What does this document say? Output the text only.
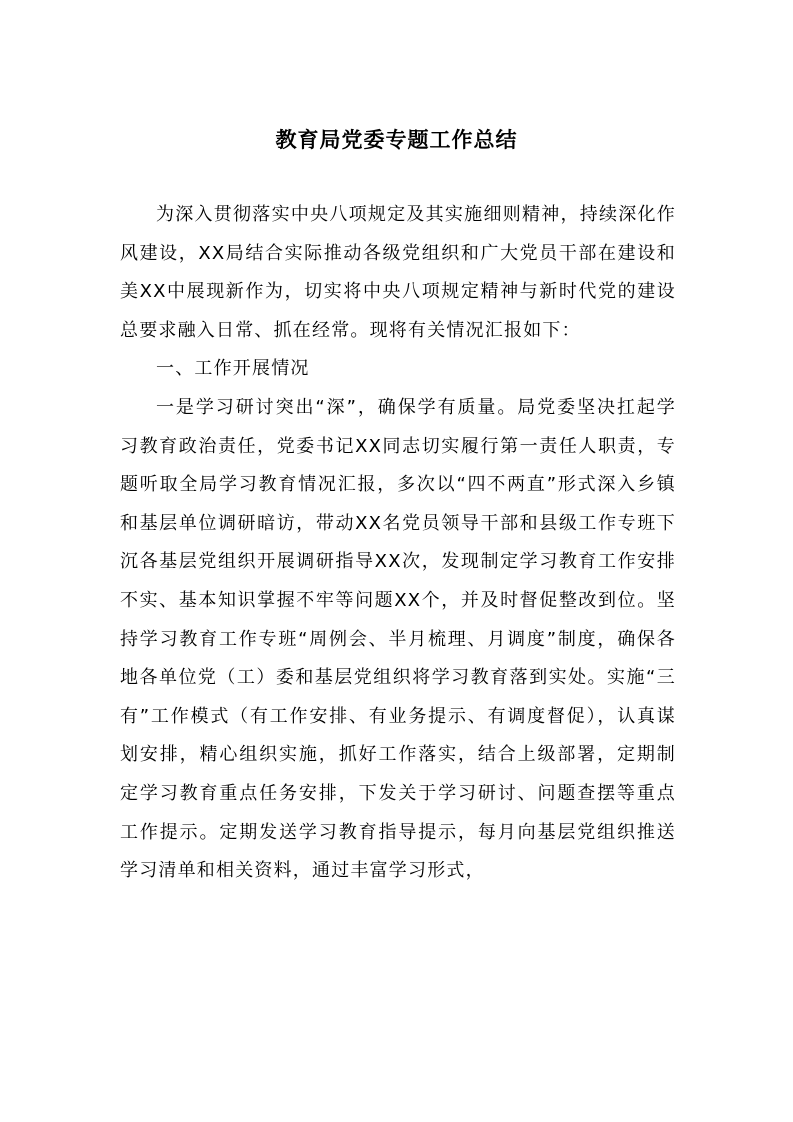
教育局党委专题工作总结

为深入贯彻落实中央八项规定及其实施细则精神，持续深化作风建设，XX局结合实际推动各级党组织和广大党员干部在建设和美XX中展现新作为，切实将中央八项规定精神与新时代党的建设总要求融入日常、抓在经常。现将有关情况汇报如下：

一、工作开展情况

一是学习研讨突出“深”，确保学有质量。局党委坚决扛起学习教育政治责任，党委书记XX同志切实履行第一责任人职责，专题听取全局学习教育情况汇报，多次以“四不两直”形式深入乡镇和基层单位调研暗访，带动XX名党员领导干部和县级工作专班下沉各基层党组织开展调研指导XX次，发现制定学习教育工作安排不实、基本知识掌握不牢等问题XX个，并及时督促整改到位。坚持学习教育工作专班“周例会、半月梳理、月调度”制度，确保各地各单位党（工）委和基层党组织将学习教育落到实处。实施“三有”工作模式（有工作安排、有业务提示、有调度督促），认真谋划安排，精心组织实施，抓好工作落实，结合上级部署，定期制定学习教育重点任务安排，下发关于学习研讨、问题查摆等重点工作提示。定期发送学习教育指导提示，每月向基层党组织推送学习清单和相关资料，通过丰富学习形式，
